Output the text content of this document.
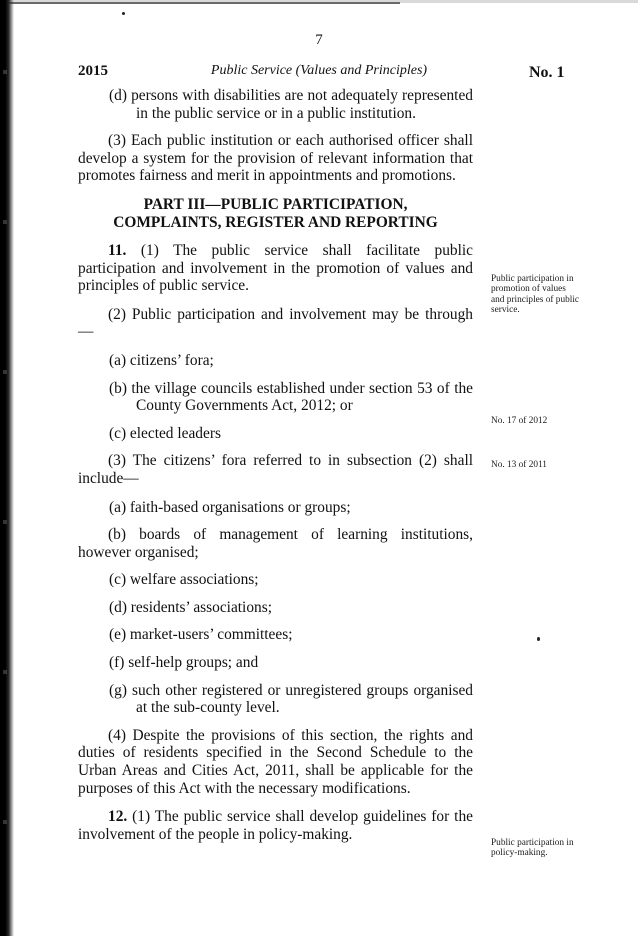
7
2015	Public Service (Values and Principles)	No. 1
(d) persons with disabilities are not adequately represented in the public service or in a public institution.
(3) Each public institution or each authorised officer shall develop a system for the provision of relevant information that promotes fairness and merit in appointments and promotions.
PART III—PUBLIC PARTICIPATION,
COMPLAINTS, REGISTER AND REPORTING
11. (1) The public service shall facilitate public participation and involvement in the promotion of values and principles of public service.
(2) Public participation and involvement may be through—
(a) citizens’ fora;
(b) the village councils established under section 53 of the County Governments Act, 2012; or
(c) elected leaders
(3) The citizens’ fora referred to in subsection (2) shall include—
(a) faith-based organisations or groups;
(b) boards of management of learning institutions, however organised;
(c) welfare associations;
(d) residents’ associations;
(e) market-users’ committees;
(f) self-help groups; and
(g) such other registered or unregistered groups organised at the sub-county level.
(4) Despite the provisions of this section, the rights and duties of residents specified in the Second Schedule to the Urban Areas and Cities Act, 2011, shall be applicable for the purposes of this Act with the necessary modifications.
12. (1) The public service shall develop guidelines for the involvement of the people in policy-making.
Public participation in promotion of values and principles of public service.
No. 17 of 2012
No. 13 of 2011
Public participation in policy-making.
